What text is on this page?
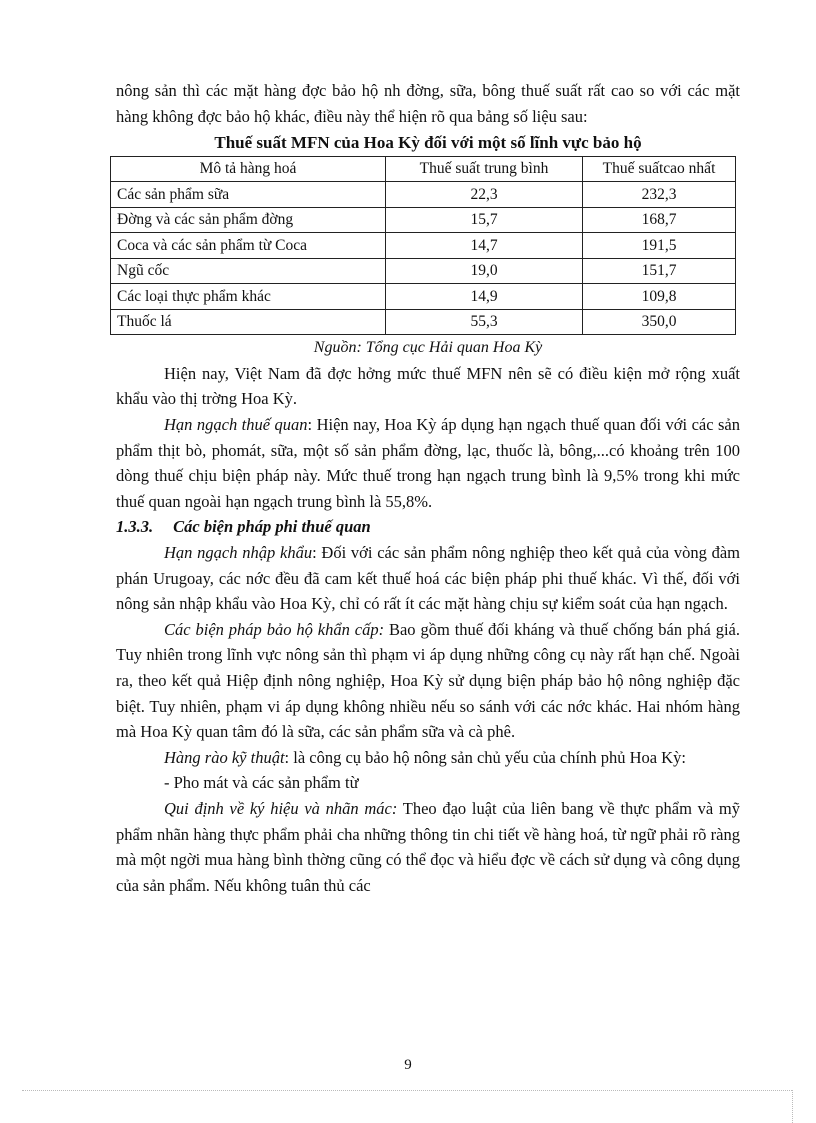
nông sản thì các mặt hàng đợc bảo hộ nh đờng, sữa, bông thuế suất rất cao so với các mặt hàng không đợc bảo hộ khác, điều này thể hiện rõ qua bảng số liệu sau:

Thuế suất MFN của Hoa Kỳ đối với một số lĩnh vực bảo hộ
Mô tả hàng hoá	Thuế suất trung bình	Thuế suấtcao nhất
Các sản phẩm sữa	22,3	232,3
Đờng và các sản phẩm đờng	15,7	168,7
Coca và các sản phẩm từ Coca	14,7	191,5
Ngũ cốc	19,0	151,7
Các loại thực phẩm khác	14,9	109,8
Thuốc lá	55,3	350,0
Nguồn: Tổng cục Hải quan Hoa Kỳ

Hiện nay, Việt Nam đã đợc hởng mức thuế MFN nên sẽ có điều kiện mở rộng xuất khẩu vào thị trờng Hoa Kỳ.

Hạn ngạch thuế quan: Hiện nay, Hoa Kỳ áp dụng hạn ngạch thuế quan đối với các sản phẩm thịt bò, phomát, sữa, một số sản phẩm đờng, lạc, thuốc là, bông,...có khoảng trên 100 dòng thuế chịu biện pháp này. Mức thuế trong hạn ngạch trung bình là 9,5% trong khi mức thuế quan ngoài hạn ngạch trung bình là 55,8%.

1.3.3. Các biện pháp phi thuế quan

Hạn ngạch nhập khẩu: Đối với các sản phẩm nông nghiệp theo kết quả của vòng đàm phán Urugoay, các nớc đều đã cam kết thuế hoá các biện pháp phi thuế khác. Vì thế, đối với nông sản nhập khẩu vào Hoa Kỳ, chỉ có rất ít các mặt hàng chịu sự kiểm soát của hạn ngạch.

Các biện pháp bảo hộ khẩn cấp: Bao gồm thuế đối kháng và thuế chống bán phá giá. Tuy nhiên trong lĩnh vực nông sản thì phạm vi áp dụng những công cụ này rất hạn chế. Ngoài ra, theo kết quả Hiệp định nông nghiệp, Hoa Kỳ sử dụng biện pháp bảo hộ nông nghiệp đặc biệt. Tuy nhiên, phạm vi áp dụng không nhiều nếu so sánh với các nớc khác. Hai nhóm hàng mà Hoa Kỳ quan tâm đó là sữa, các sản phẩm sữa và cà phê.

Hàng rào kỹ thuật: là công cụ bảo hộ nông sản chủ yếu của chính phủ Hoa Kỳ:

- Pho mát và các sản phẩm từ

Qui định về ký hiệu và nhãn mác: Theo đạo luật của liên bang về thực phẩm và mỹ phẩm nhãn hàng thực phẩm phải cha những thông tin chi tiết về hàng hoá, từ ngữ phải rõ ràng mà một ngời mua hàng bình thờng cũng có thể đọc và hiểu đợc về cách sử dụng và công dụng của sản phẩm. Nếu không tuân thủ các

9
